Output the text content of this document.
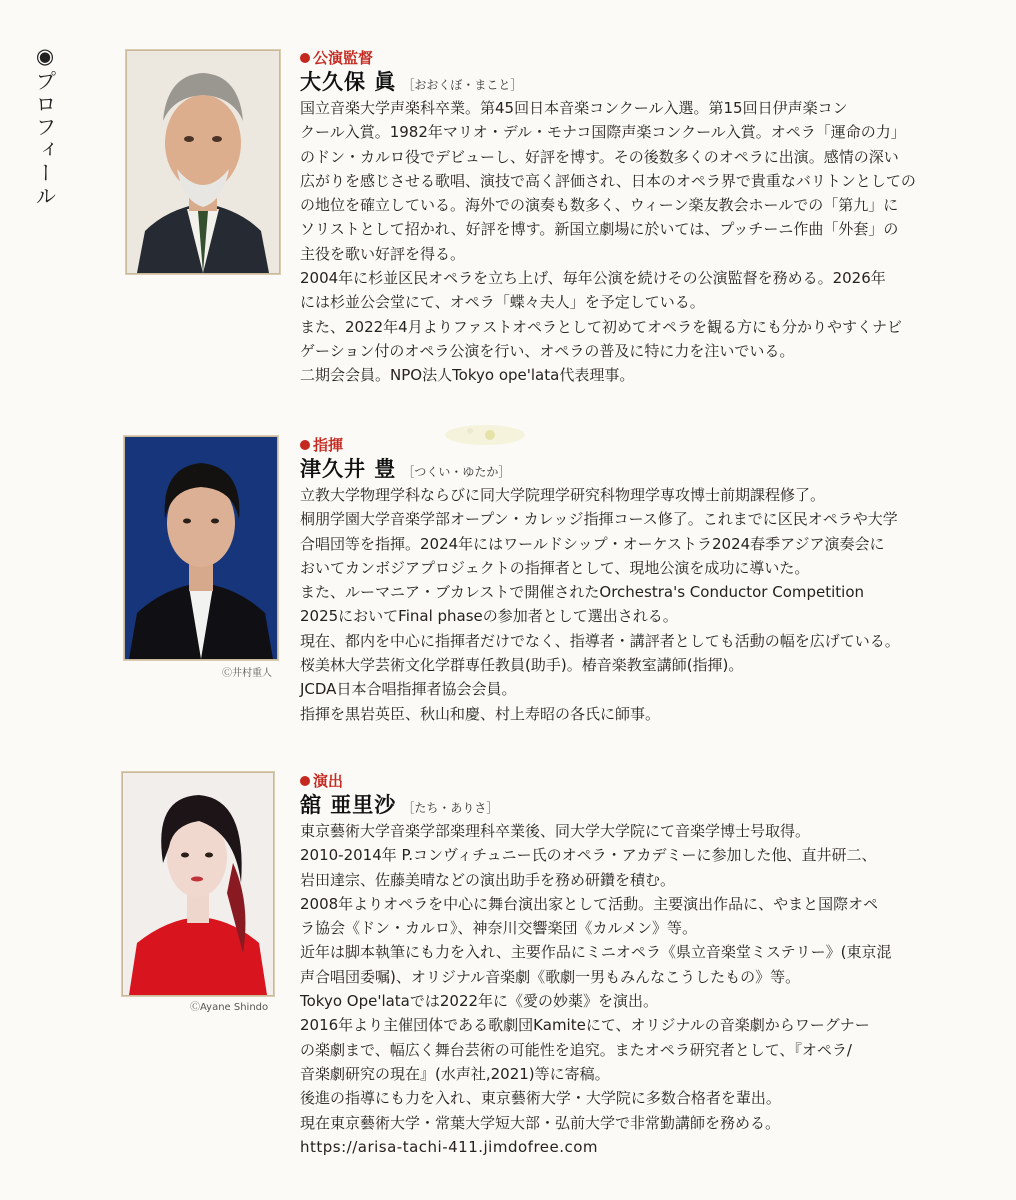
◉プロフィール	公演監督
大久保 眞 ［おおくぼ・まこと］
国立音楽大学声楽科卒業。第45回日本音楽コンクール入選。第15回日伊声楽コン
クール入賞。1982年マリオ・デル・モナコ国際声楽コンクール入賞。オペラ「運命の力」
のドン・カルロ役でデビューし、好評を博す。その後数多くのオペラに出演。感情の深い
広がりを感じさせる歌唱、演技で高く評価され、日本のオペラ界で貴重なバリトンとしての
の地位を確立している。海外での演奏も数多く、ウィーン楽友教会ホールでの「第九」に
ソリストとして招かれ、好評を博す。新国立劇場に於いては、プッチーニ作曲「外套」の
主役を歌い好評を得る。
2004年に杉並区民オペラを立ち上げ、毎年公演を続けその公演監督を務める。2026年
には杉並公会堂にて、オペラ「蝶々夫人」を予定している。
また、2022年4月よりファストオペラとして初めてオペラを観る方にも分かりやすくナビ
ゲーション付のオペラ公演を行い、オペラの普及に特に力を注いでいる。
二期会会員。NPO法人Tokyo ope'lata代表理事。
Ⓒ井村重人
指揮
津久井 豊 ［つくい・ゆたか］
立教大学物理学科ならびに同大学院理学研究科物理学専攻博士前期課程修了。
桐朋学園大学音楽学部オープン・カレッジ指揮コース修了。これまでに区民オペラや大学
合唱団等を指揮。2024年にはワールドシップ・オーケストラ2024春季アジア演奏会に
おいてカンボジアプロジェクトの指揮者として、現地公演を成功に導いた。
また、ルーマニア・ブカレストで開催されたOrchestra's Conductor Competition
2025においてFinal phaseの参加者として選出される。
現在、都内を中心に指揮者だけでなく、指導者・講評者としても活動の幅を広げている。
桜美林大学芸術文化学群専任教員(助手)。椿音楽教室講師(指揮)。
JCDA日本合唱指揮者協会会員。
指揮を黒岩英臣、秋山和慶、村上寿昭の各氏に師事。
ⒸAyane Shindo
演出
舘 亜里沙 ［たち・ありさ］
東京藝術大学音楽学部楽理科卒業後、同大学大学院にて音楽学博士号取得。
2010-2014年 P.コンヴィチュニー氏のオペラ・アカデミーに参加した他、直井研二、
岩田達宗、佐藤美晴などの演出助手を務め研鑽を積む。
2008年よりオペラを中心に舞台演出家として活動。主要演出作品に、やまと国際オペ
ラ協会《ドン・カルロ》、神奈川交響楽団《カルメン》等。
近年は脚本執筆にも力を入れ、主要作品にミニオペラ《県立音楽堂ミステリー》(東京混
声合唱団委嘱)、オリジナル音楽劇《歌劇一男もみんなこうしたもの》等。
Tokyo Ope'lataでは2022年に《愛の妙薬》を演出。
2016年より主催団体である歌劇団Kamiteにて、オリジナルの音楽劇からワーグナー
の楽劇まで、幅広く舞台芸術の可能性を追究。またオペラ研究者として、『オペラ/
音楽劇研究の現在』(水声社,2021)等に寄稿。
後進の指導にも力を入れ、東京藝術大学・大学院に多数合格者を輩出。
現在東京藝術大学・常葉大学短大部・弘前大学で非常勤講師を務める。
https://arisa-tachi-411.jimdofree.com
